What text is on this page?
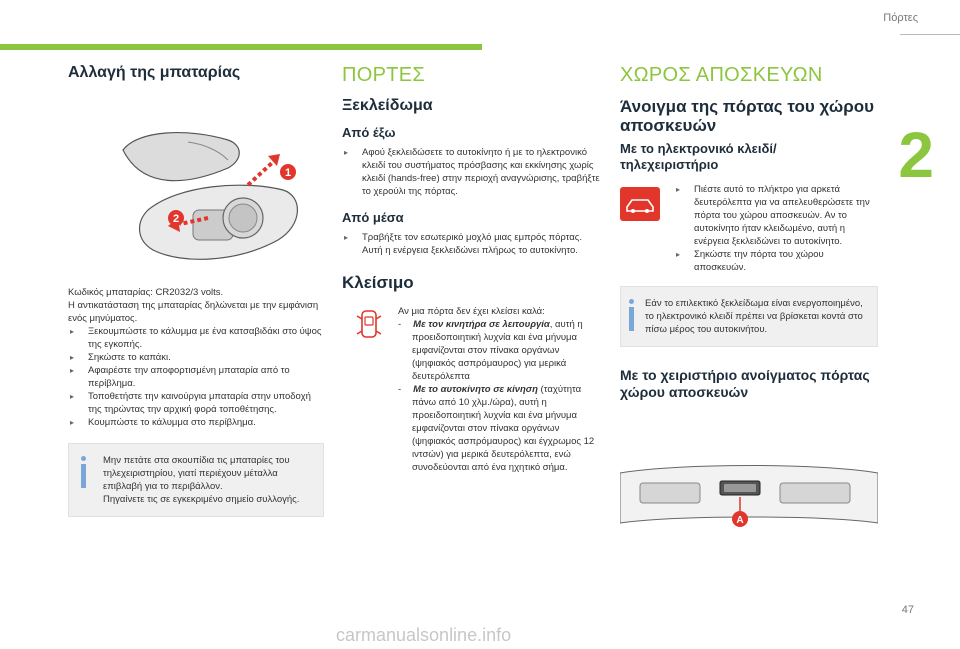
Πόρτες
2
47
carmanualsonline.info
Αλλαγή της μπαταρίας
1
2

Κωδικός μπαταρίας: CR2032/3 volts.

Η αντικατάσταση της μπαταρίας δηλώνεται με την εμφάνιση ενός μηνύματος.

▸ Ξεκουμπώστε το κάλυμμα με ένα κατσαβιδάκι στο ύψος της εγκοπής.
▸ Σηκώστε το καπάκι.
▸ Αφαιρέστε την αποφορτισμένη μπαταρία από το περίβλημα.
▸ Τοποθετήστε την καινούργια μπαταρία στην υποδοχή της τηρώντας την αρχική φορά τοποθέτησης.
▸ Κουμπώστε το κάλυμμα στο περίβλημα.

Μην πετάτε στα σκουπίδια τις μπαταρίες του τηλεχειριστηρίου, γιατί περιέχουν μέταλλα επιβλαβή για το περιβάλλον.

Πηγαίνετε τις σε εγκεκριμένο σημείο συλλογής.

ΠΟΡΤΕΣ
Ξεκλείδωμα
Από έξω
▸ Αφού ξεκλειδώσετε το αυτοκίνητο ή με το ηλεκτρονικό κλειδί του συστήματος πρόσβασης και εκκίνησης χωρίς κλειδί (hands-free) στην περιοχή αναγνώρισης, τραβήξτε το χερούλι της πόρτας.
Από μέσα
▸ Τραβήξτε τον εσωτερικό μοχλό μιας εμπρός πόρτας. Αυτή η ενέργεια ξεκλειδώνει πλήρως το αυτοκίνητο.
Κλείσιμο

Αν μια πόρτα δεν έχει κλείσει καλά:

- Με τον κινητήρα σε λειτουργία, αυτή η προειδοποιητική λυχνία και ένα μήνυμα εμφανίζονται στον πίνακα οργάνων (ψηφιακός ασπρόμαυρος) για μερικά δευτερόλεπτα

- Με το αυτοκίνητο σε κίνηση (ταχύτητα πάνω από 10 χλμ./ώρα), αυτή η προειδοποιητική λυχνία και ένα μήνυμα εμφανίζονται στον πίνακα οργάνων (ψηφιακός ασπρόμαυρος) και έγχρωμος 12 ιντσών) για μερικά δευτερόλεπτα, ενώ συνοδεύονται από ένα ηχητικό σήμα.

ΧΩΡΟΣ ΑΠΟΣΚΕΥΩΝ
Άνοιγμα της πόρτας του χώρου αποσκευών
Με το ηλεκτρονικό κλειδί/ τηλεχειριστήριο
▸ Πιέστε αυτό το πλήκτρο για αρκετά δευτερόλεπτα για να απελευθερώσετε την πόρτα του χώρου αποσκευών. Αν το αυτοκίνητο ήταν κλειδωμένο, αυτή η ενέργεια ξεκλειδώνει το αυτοκίνητο.
▸ Σηκώστε την πόρτα του χώρου αποσκευών.

Εάν το επιλεκτικό ξεκλείδωμα είναι ενεργοποιημένο, το ηλεκτρονικό κλειδί πρέπει να βρίσκεται κοντά στο πίσω μέρος του αυτοκινήτου.

Με το χειριστήριο ανοίγματος πόρτας χώρου αποσκευών
A
